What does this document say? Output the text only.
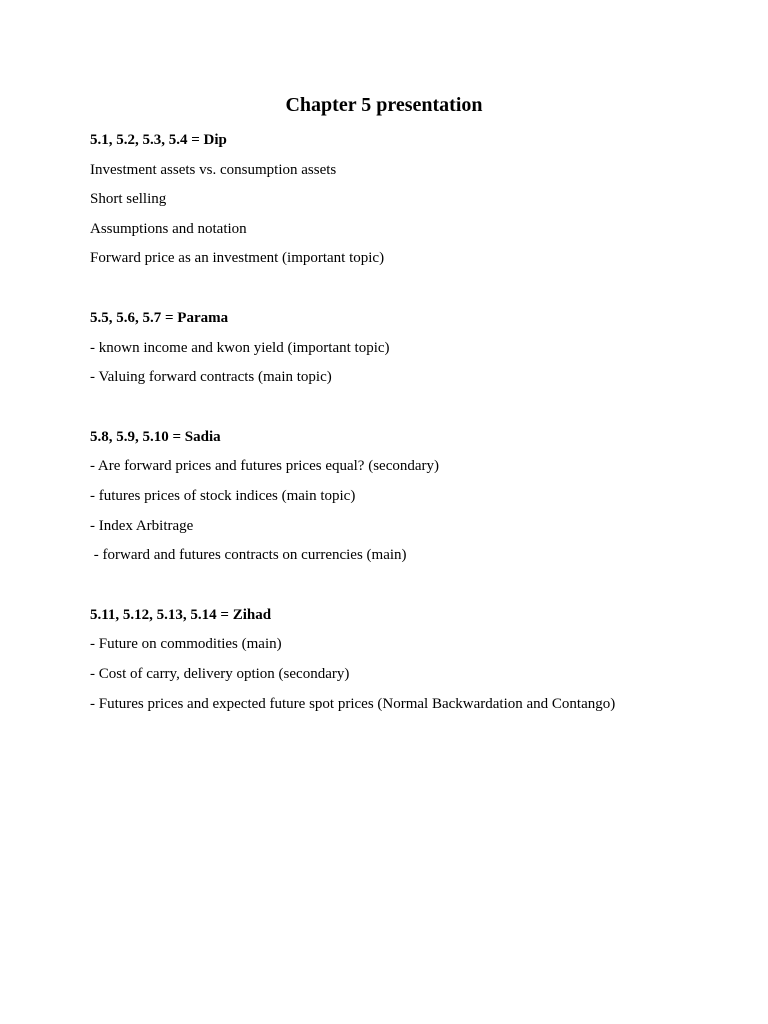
Chapter 5 presentation

5.1, 5.2, 5.3, 5.4 = Dip

Investment assets vs. consumption assets

Short selling

Assumptions and notation

Forward price as an investment (important topic)

5.5, 5.6, 5.7 = Parama

- known income and kwon yield (important topic)

- Valuing forward contracts (main topic)

5.8, 5.9, 5.10 = Sadia

- Are forward prices and futures prices equal? (secondary)

- futures prices of stock indices (main topic)

- Index Arbitrage

- forward and futures contracts on currencies (main)

5.11, 5.12, 5.13, 5.14 = Zihad

- Future on commodities (main)

- Cost of carry, delivery option (secondary)

- Futures prices and expected future spot prices (Normal Backwardation and Contango)
